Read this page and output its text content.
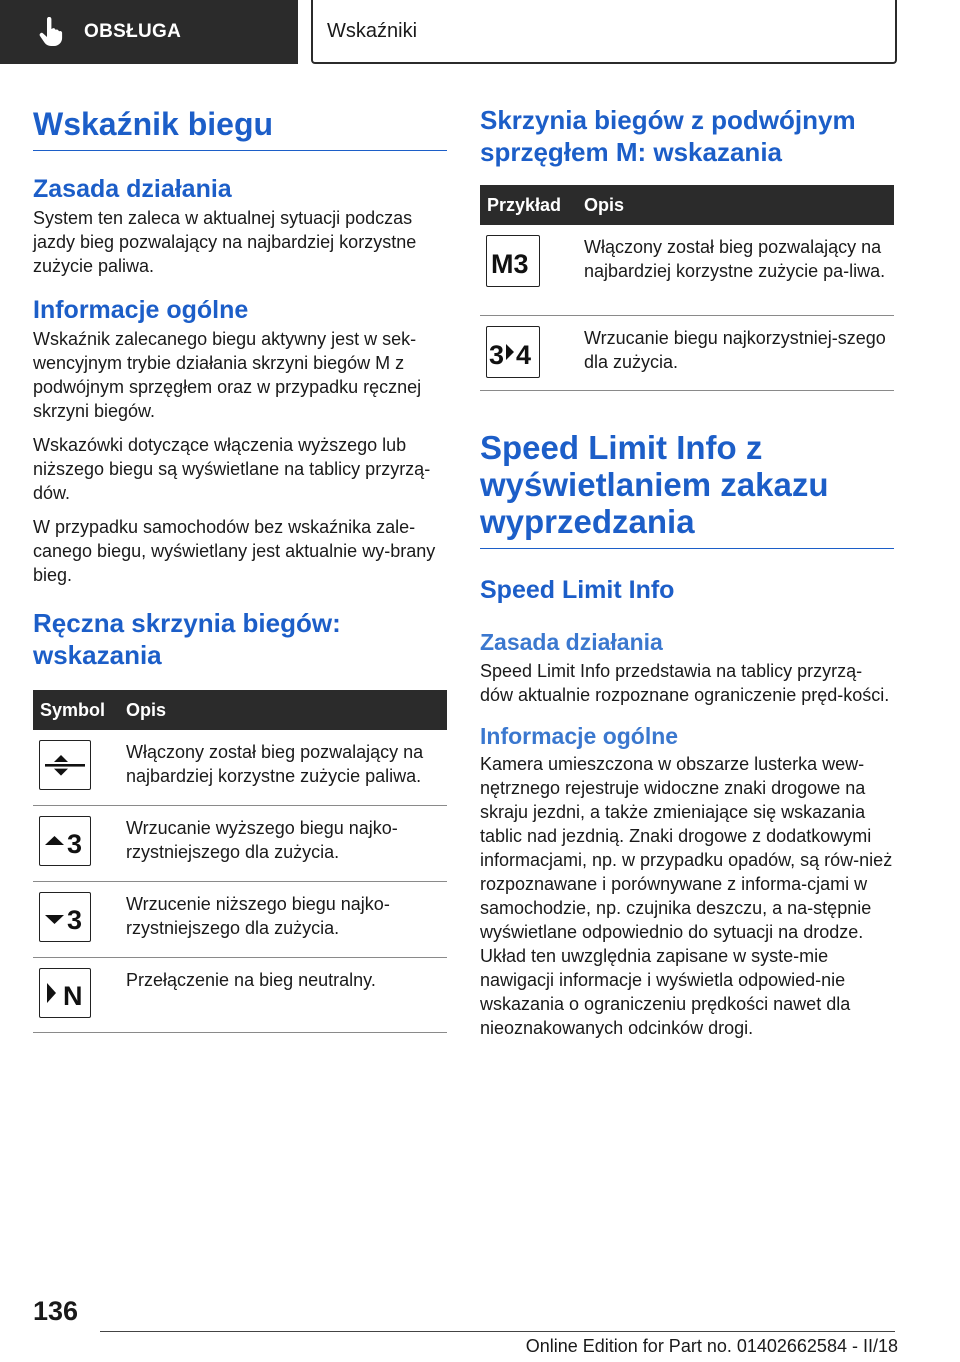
OBSŁUGA	Wskaźniki
Wskaźnik biegu
Zasada działania

System ten zaleca w aktualnej sytuacji podczas jazdy bieg pozwalający na najbardziej korzystne zużycie paliwa.

Informacje ogólne

Wskaźnik zalecanego biegu aktywny jest w sek-wencyjnym trybie działania skrzyni biegów M z podwójnym sprzęgłem oraz w przypadku ręcznej skrzyni biegów.

Wskazówki dotyczące włączenia wyższego lub niższego biegu są wyświetlane na tablicy przyrzą-dów.

W przypadku samochodów bez wskaźnika zale-canego biegu, wyświetlany jest aktualnie wy-brany bieg.

Ręczna skrzynia biegów: wskazania
Symbol	Opis

	Włączony został bieg pozwalający na najbardziej korzystne zużycie paliwa.

3	Wrzucanie wyższego biegu najko-rzystniejszego dla zużycia.

3	Wrzucenie niższego biegu najko-rzystniejszego dla zużycia.

N	Przełączenie na bieg neutralny.
Skrzynia biegów z podwójnym sprzęgłem M: wskazania
Przykład	Opis

M3	Włączony został bieg pozwalający na najbardziej korzystne zużycie pa-liwa.

3 4	Wrzucanie biegu najkorzystniej-szego dla zużycia.
Speed Limit Info z wyświetlaniem zakazu wyprzedzania
Speed Limit Info
Zasada działania

Speed Limit Info przedstawia na tablicy przyrzą-dów aktualnie rozpoznane ograniczenie pręd-kości.

Informacje ogólne

Kamera umieszczona w obszarze lusterka wew-nętrznego rejestruje widoczne znaki drogowe na skraju jezdni, a także zmieniające się wskazania tablic nad jezdnią. Znaki drogowe z dodatkowymi informacjami, np. w przypadku opadów, są rów-nież rozpoznawane i porównywane z informa-cjami w samochodzie, np. czujnika deszczu, a na-stępnie wyświetlane odpowiednio do sytuacji na drodze. Układ ten uwzględnia zapisane w syste-mie nawigacji informacje i wyświetla odpowied-nie wskazania o ograniczeniu prędkości nawet dla nieoznakowanych odcinków drogi.

136
Online Edition for Part no. 01402662584 - II/18
